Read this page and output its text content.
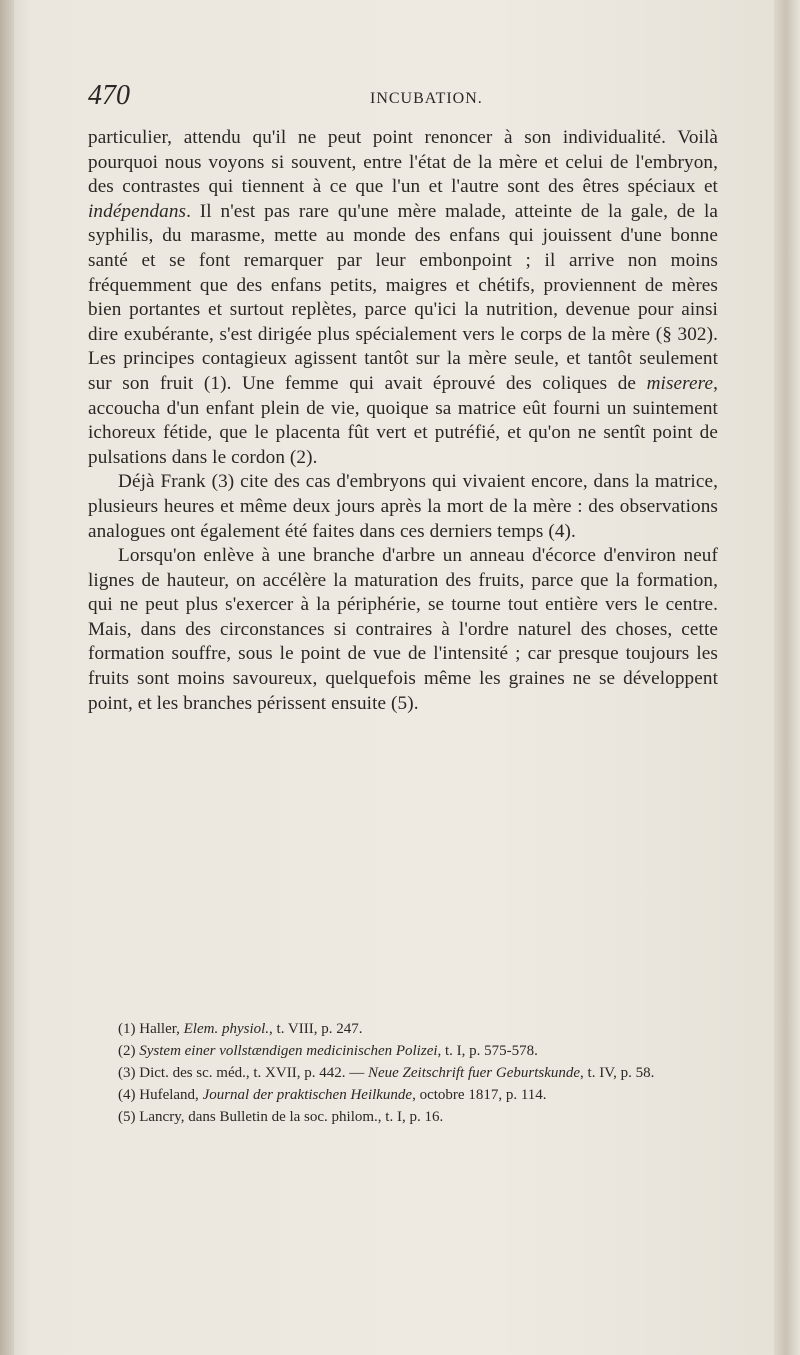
470	INCUBATION.

particulier, attendu qu'il ne peut point renoncer à son individualité. Voilà pourquoi nous voyons si souvent, entre l'état de la mère et celui de l'embryon, des contrastes qui tiennent à ce que l'un et l'autre sont des êtres spéciaux et indépendans. Il n'est pas rare qu'une mère malade, atteinte de la gale, de la syphilis, du marasme, mette au monde des enfans qui jouissent d'une bonne santé et se font remarquer par leur embonpoint ; il arrive non moins fréquemment que des enfans petits, maigres et chétifs, proviennent de mères bien portantes et surtout replètes, parce qu'ici la nutrition, devenue pour ainsi dire exubérante, s'est dirigée plus spécialement vers le corps de la mère (§ 302). Les principes contagieux agissent tantôt sur la mère seule, et tantôt seulement sur son fruit (1). Une femme qui avait éprouvé des coliques de miserere, accoucha d'un enfant plein de vie, quoique sa matrice eût fourni un suintement ichoreux fétide, que le placenta fût vert et putréfié, et qu'on ne sentît point de pulsations dans le cordon (2).

Déjà Frank (3) cite des cas d'embryons qui vivaient encore, dans la matrice, plusieurs heures et même deux jours après la mort de la mère : des observations analogues ont également été faites dans ces derniers temps (4).

Lorsqu'on enlève à une branche d'arbre un anneau d'écorce d'environ neuf lignes de hauteur, on accélère la maturation des fruits, parce que la formation, qui ne peut plus s'exercer à la périphérie, se tourne tout entière vers le centre. Mais, dans des circonstances si contraires à l'ordre naturel des choses, cette formation souffre, sous le point de vue de l'intensité ; car presque toujours les fruits sont moins savoureux, quelquefois même les graines ne se développent point, et les branches périssent ensuite (5).

(1) Haller, Elem. physiol., t. VIII, p. 247.

(2) System einer vollstændigen medicinischen Polizei, t. I, p. 575-578.

(3) Dict. des sc. méd., t. XVII, p. 442. — Neue Zeitschrift fuer Geburtskunde, t. IV, p. 58.

(4) Hufeland, Journal der praktischen Heilkunde, octobre 1817, p. 114.

(5) Lancry, dans Bulletin de la soc. philom., t. I, p. 16.
